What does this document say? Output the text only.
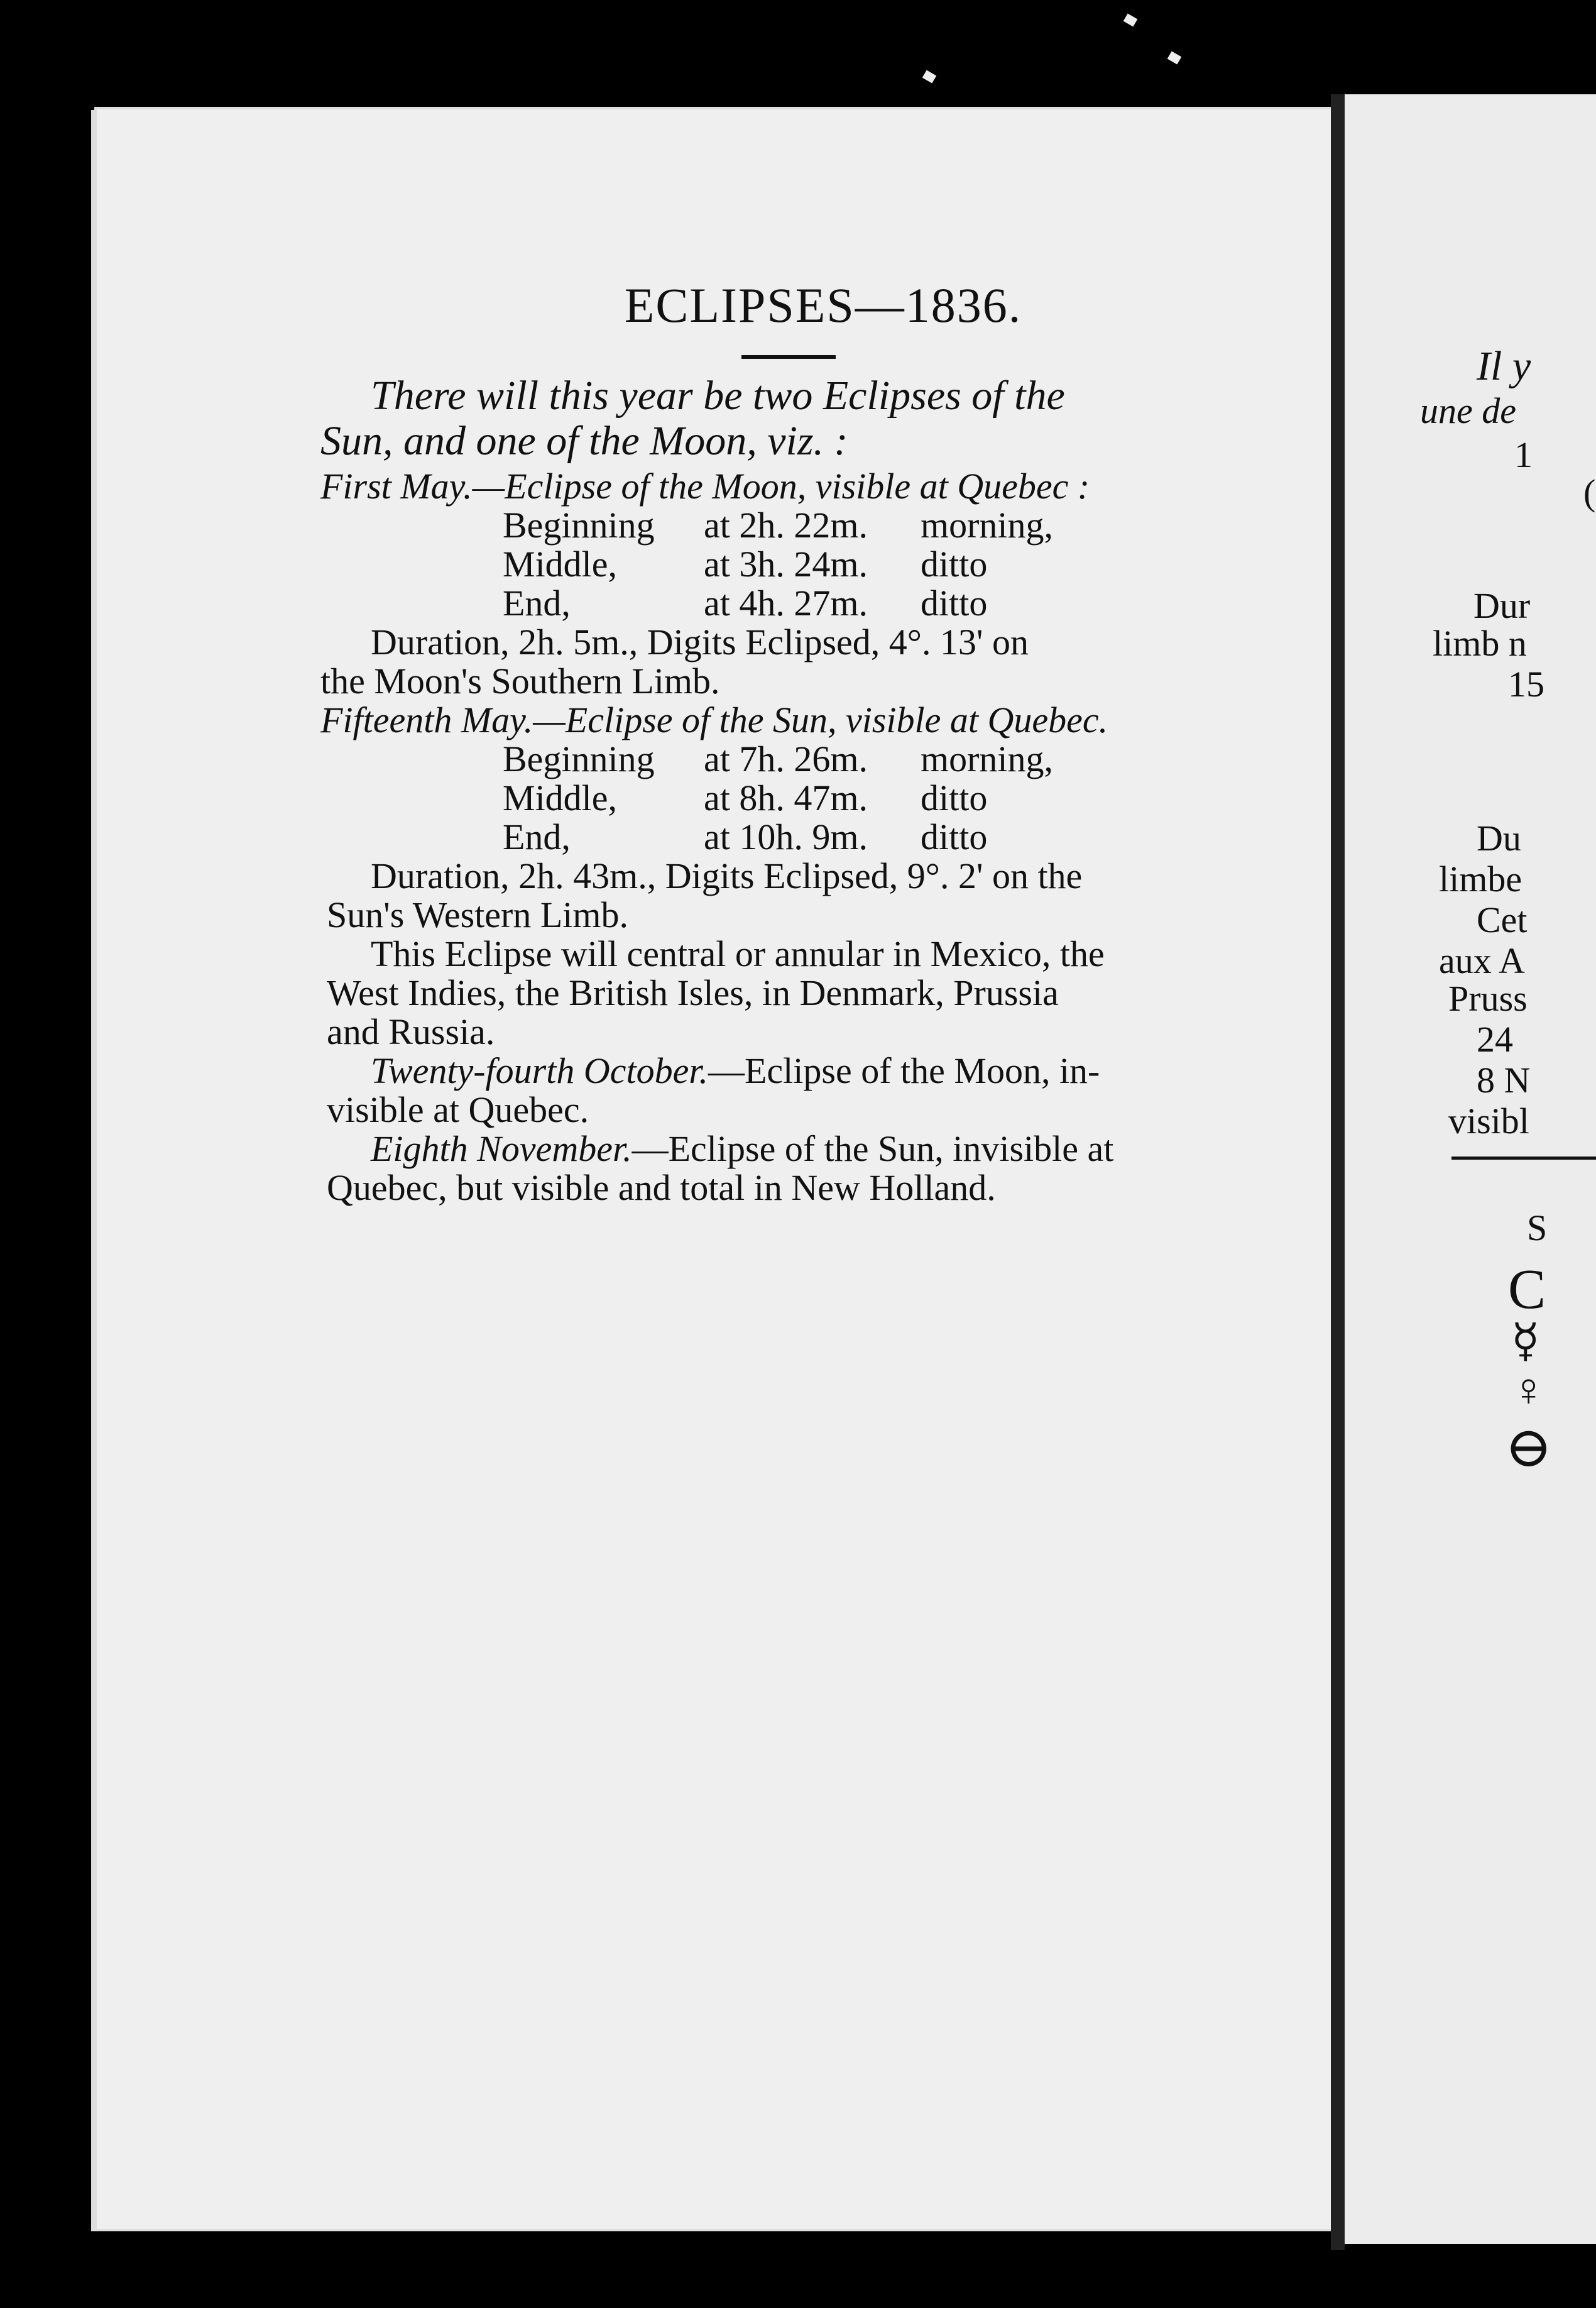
Il y
une de
1
(
Dur
limb n
15
Du
limbe
Cet
aux A
Pruss
24
8 N
visibl
S
C
☿
♀
⊖
ECLIPSES—1836.
There will this year be two Eclipses of the
Sun, and one of the Moon, viz. :
First May.—Eclipse of the Moon, visible at Quebec :
Beginning	at 2h. 22m.	morning,
Middle,	at 3h. 24m.	ditto
End,	at 4h. 27m.	ditto
Duration, 2h. 5m., Digits Eclipsed, 4°. 13' on
the Moon's Southern Limb.
Fifteenth May.—Eclipse of the Sun, visible at Quebec.
Beginning	at 7h. 26m.	morning,
Middle,	at 8h. 47m.	ditto
End,	at 10h. 9m.	ditto
Duration, 2h. 43m., Digits Eclipsed, 9°. 2' on the
Sun's Western Limb.
This Eclipse will central or annular in Mexico, the
West Indies, the British Isles, in Denmark, Prussia
and Russia.
Twenty-fourth October.—Eclipse of the Moon, in-
visible at Quebec.
Eighth November.—Eclipse of the Sun, invisible at
Quebec, but visible and total in New Holland.
